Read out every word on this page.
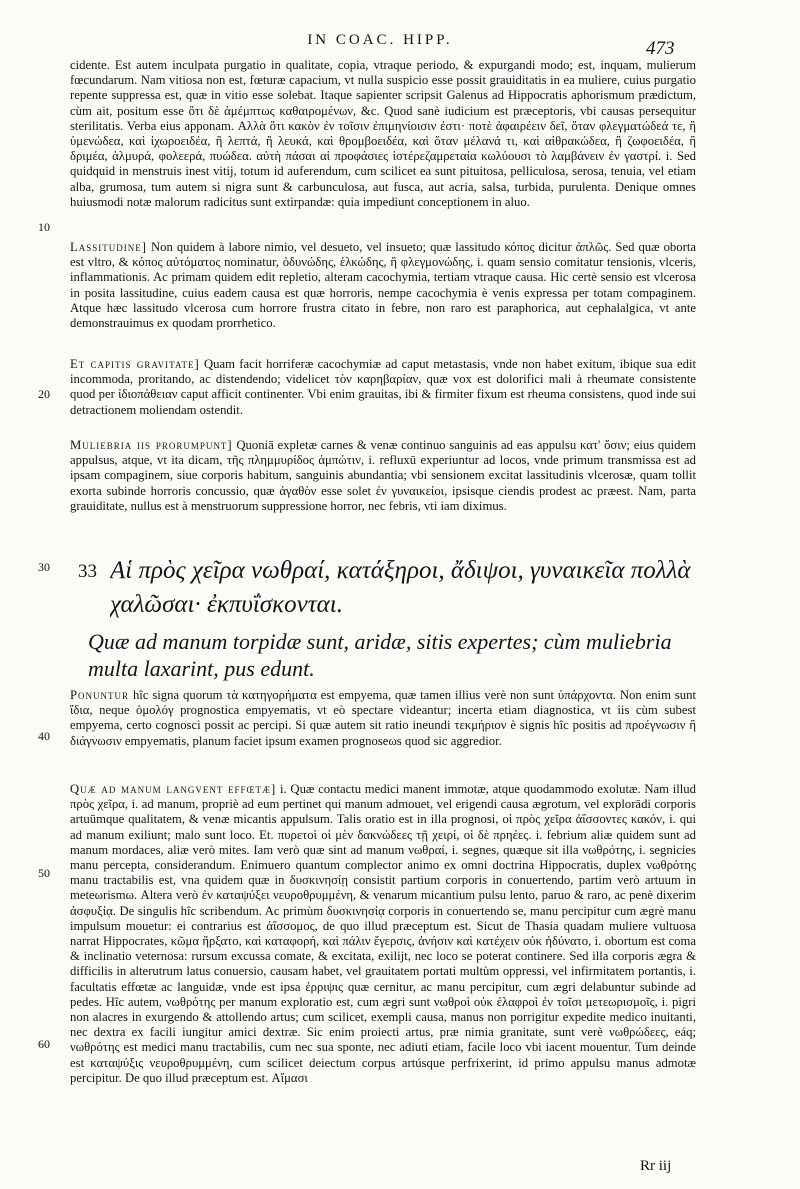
IN COAC. HIPP.	473
10
20
30
40
50
60

cidente. Est autem inculpata purgatio in qualitate, copia, vtraque periodo, & expurgandi modo; est, inquam, mulierum fœcundarum. Nam vitiosa non est, fœturæ capacium, vt nulla suspicio esse possit grauiditatis in ea muliere, cuius purgatio repente suppressa est, quæ in vitio esse solebat. Itaque sapienter scripsit Galenus ad Hippocratis aphorismum prædictum, cùm ait, positum esse ὅτι δὲ ἀμέμπτως καθαιρομένων, &c. Quod sanè iudicium est præceptoris, vbi causas persequitur sterilitatis. Verba eius apponam. Αλλὰ ὅτι κακὸν ἐν τοῖσιν ἐπιμηνίοισιν ἐστι· ποτὲ ἀφαιρέειν δεῖ, ὅταν φλεγματώδεά τε, ἢ ὑμενώδεα, καὶ ἰχωροειδέα, ἢ λεπτά, ἢ λευκά, καὶ θρομβοειδέα, καὶ ὅταν μέλανά τι, καὶ αἱθρακώδεα, ἢ ζωφοειδέα, ἢ δριμέα, ἁλμυρά, φολεερά, πυώδεα. αὐτὴ πάσαι αἱ προφάσιες ἱστέρεζαμρεταία κωλύουσι τὸ λαμβάνειν ἐν γαστρί. i. Sed quidquid in menstruis inest vitij, totum id auferendum, cum scilicet ea sunt pituitosa, pelliculosa, serosa, tenuia, vel etiam alba, grumosa, tum autem si nigra sunt & carbunculosa, aut fusca, aut acria, salsa, turbida, purulenta. Denique omnes huiusmodi notæ malorum radicitus sunt extirpandæ: quia impediunt conceptionem in aluo.

Lassitudine] Non quidem à labore nimio, vel desueto, vel insueto; quæ lassitudo κόπος dicitur ἀπλῶς. Sed quæ oborta est vltro, & κόπος αὐτόματος nominatur, ὀδυνώδης, ἑλκώδης, ἢ φλεγμονώδης, i. quam sensio comitatur tensionis, vlceris, inflammationis. Ac primam quidem edit repletio, alteram cacochymia, tertiam vtraque causa. Hic certè sensio est vlcerosa in posita lassitudine, cuius eadem causa est quæ horroris, nempe cacochymia è venis expressa per totam compaginem. Atque hæc lassitudo vlcerosa cum horrore frustra citato in febre, non raro est paraphorica, aut cephalalgica, vt ante demonstrauimus ex quodam prorrhetico.

Et capitis gravitate] Quam facit horriferæ cacochymiæ ad caput metastasis, vnde non habet exitum, ibique sua edit incommoda, proritando, ac distendendo; videlicet τὸν καρηβαρίαν, quæ vox est dolorifici mali à rheumate consistente quod per ἰδιοπάθειαν caput afficit continenter. Vbi enim grauitas, ibi & firmiter fixum est rheuma consistens, quod inde sui detractionem moliendam ostendit.

Muliebria iis prorumpunt] Quoniā expletæ carnes & venæ continuo sanguinis ad eas appulsu κατ' ὄσιν; eius quidem appulsus, atque, vt ita dicam, τῆς πλημμυρίδος ἀμπώτιν, i. refluxū experiuntur ad locos, vnde primum transmissa est ad ipsam compaginem, siue corporis habitum, sanguinis abundantia; vbi sensionem excitat lassitudinis vlcerosæ, quam tollit exorta subinde horroris concussio, quæ ἀγαθὸν esse solet ἐν γυναικείοι, ipsisque ciendis prodest ac præest. Nam, parta grauiditate, nullus est à menstruorum suppressione horror, nec febris, vti iam diximus.

33 Αἱ πρὸς χεῖρα νωθραί, κατάξηροι, ἄδιψοι, γυναικεῖα πολλὰ χαλῶσαι· ἐκπυΐσκονται.
Quæ ad manum torpidæ sunt, aridæ, sitis expertes; cùm muliebria multa laxarint, pus edunt.

Ponuntur hîc signa quorum τὰ κατηγορήματα est empyema, quæ tamen illius verè non sunt ὑπάρχοντα. Non enim sunt ἴδια, neque ὁμολόγ prognostica empyematis, vt eò spectare videantur; incerta etiam diagnostica, vt iis cùm subest empyema, certo cognosci possit ac percipi. Si quæ autem sit ratio ineundi τεκμήριον è signis hîc positis ad προέγνωσιν ἢ διάγνωσιν empyematis, planum faciet ipsum examen prognoseωs quod sic aggredior.

Quæ ad manum langvent effœtæ] i. Quæ contactu medici manent immotæ, atque quodammodo exolutæ. Nam illud πρὸς χεῖρα, i. ad manum, propriè ad eum pertinet qui manum admouet, vel erigendi causa ægrotum, vel explorādi corporis artuūmque qualitatem, & venæ micantis appulsum. Talis oratio est in illa prognosi, οἱ πρὸς χεῖρα ἀΐσσοντες κακόν, i. qui ad manum exiliunt; malo sunt loco. Et. πυρετοὶ οἱ μὲν δακνώδεες τῇ χειρί, οἱ δὲ πρηέες. i. febrium aliæ quidem sunt ad manum mordaces, aliæ verò mites. Iam verò quæ sint ad manum νωθραί, i. segnes, quæque sit illa νωθρότης, i. segnicies manu percepta, considerandum. Enimuero quantum complector animo ex omni doctrina Hippocratis, duplex νωθρότης manu tractabilis est, vna quidem quæ in δυσκινησίῃ consistit partium corporis in conuertendo, partim verò artuum in meteωrismω. Altera verò ἐν καταψύξει νευροθρυμμένη, & venarum micantium pulsu lento, paruo & raro, ac penè dixerim ἀσφυξίᾳ. De singulis hîc scribendum. Ac primùm δυσκινησίᾳ corporis in conuertendo se, manu percipitur cum ægrè manu impulsum mouetur: ei contrarius est ἀΐσσομος, de quo illud præceptum est. Sicut de Thasia quadam muliere vultuosa narrat Hippocrates, κῶμα ἤρξατο, καὶ καταφορή, καὶ πάλιν ἔγερσις, ἀνήσιν καὶ κατέχειν οὐκ ἠδύνατο, i. obortum est coma & inclinatio veternosa: rursum excussa comate, & excitata, exilijt, nec loco se poterat continere. Sed illa corporis ægra & difficilis in alterutrum latus conuersio, causam habet, vel grauitatem portati multùm oppressi, vel infirmitatem portantis, i. facultatis effœtæ ac languidæ, vnde est ipsa ἐρριψις quæ cernitur, ac manu percipitur, cum ægri delabuntur subinde ad pedes. Hîc autem, νωθρότης per manum exploratio est, cum ægri sunt νωθροὶ οὐκ ἐλαφροὶ ἐν τοῖσι μετεωρισμοῖς, i. pigri non alacres in exurgendo & attollendo artus; cum scilicet, exempli causa, manus non porrigitur expedite medico inuitanti, nec dextra ex facili iungitur amici dextræ. Sic enim proiecti artus, præ nimia granitate, sunt verè νωθρώδεες, eáq; νωθρότης est medici manu tractabilis, cum nec sua sponte, nec adiuti etiam, facile loco vbi iacent mouentur. Tum deinde est καταψύξις νευροθρυμμένη, cum scilicet deiectum corpus artúsque perfrixerint, id primo appulsu manus admotæ percipitur. De quo illud præceptum est. Αἵμασι

Rr iij
